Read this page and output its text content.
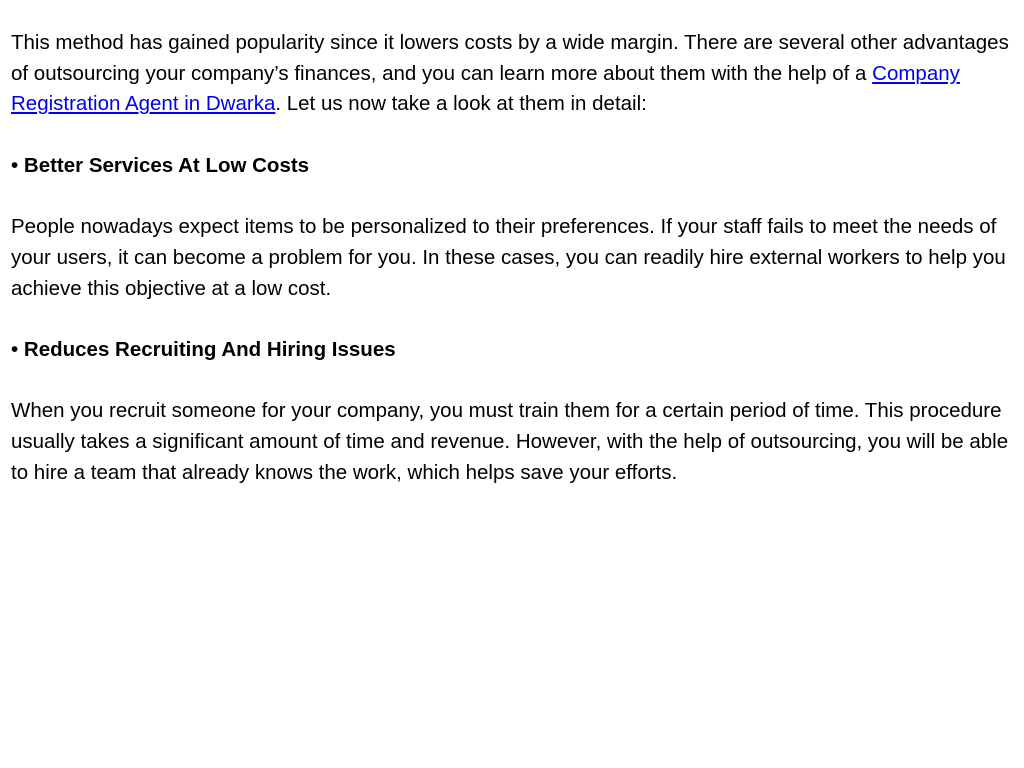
This method has gained popularity since it lowers costs by a wide margin. There are several other advantages of outsourcing your company’s finances, and you can learn more about them with the help of a Company Registration Agent in Dwarka. Let us now take a look at them in detail:

• Better Services At Low Costs

People nowadays expect items to be personalized to their preferences. If your staff fails to meet the needs of your users, it can become a problem for you. In these cases, you can readily hire external workers to help you achieve this objective at a low cost.

• Reduces Recruiting And Hiring Issues

When you recruit someone for your company, you must train them for a certain period of time. This procedure usually takes a significant amount of time and revenue. However, with the help of outsourcing, you will be able to hire a team that already knows the work, which helps save your efforts.
